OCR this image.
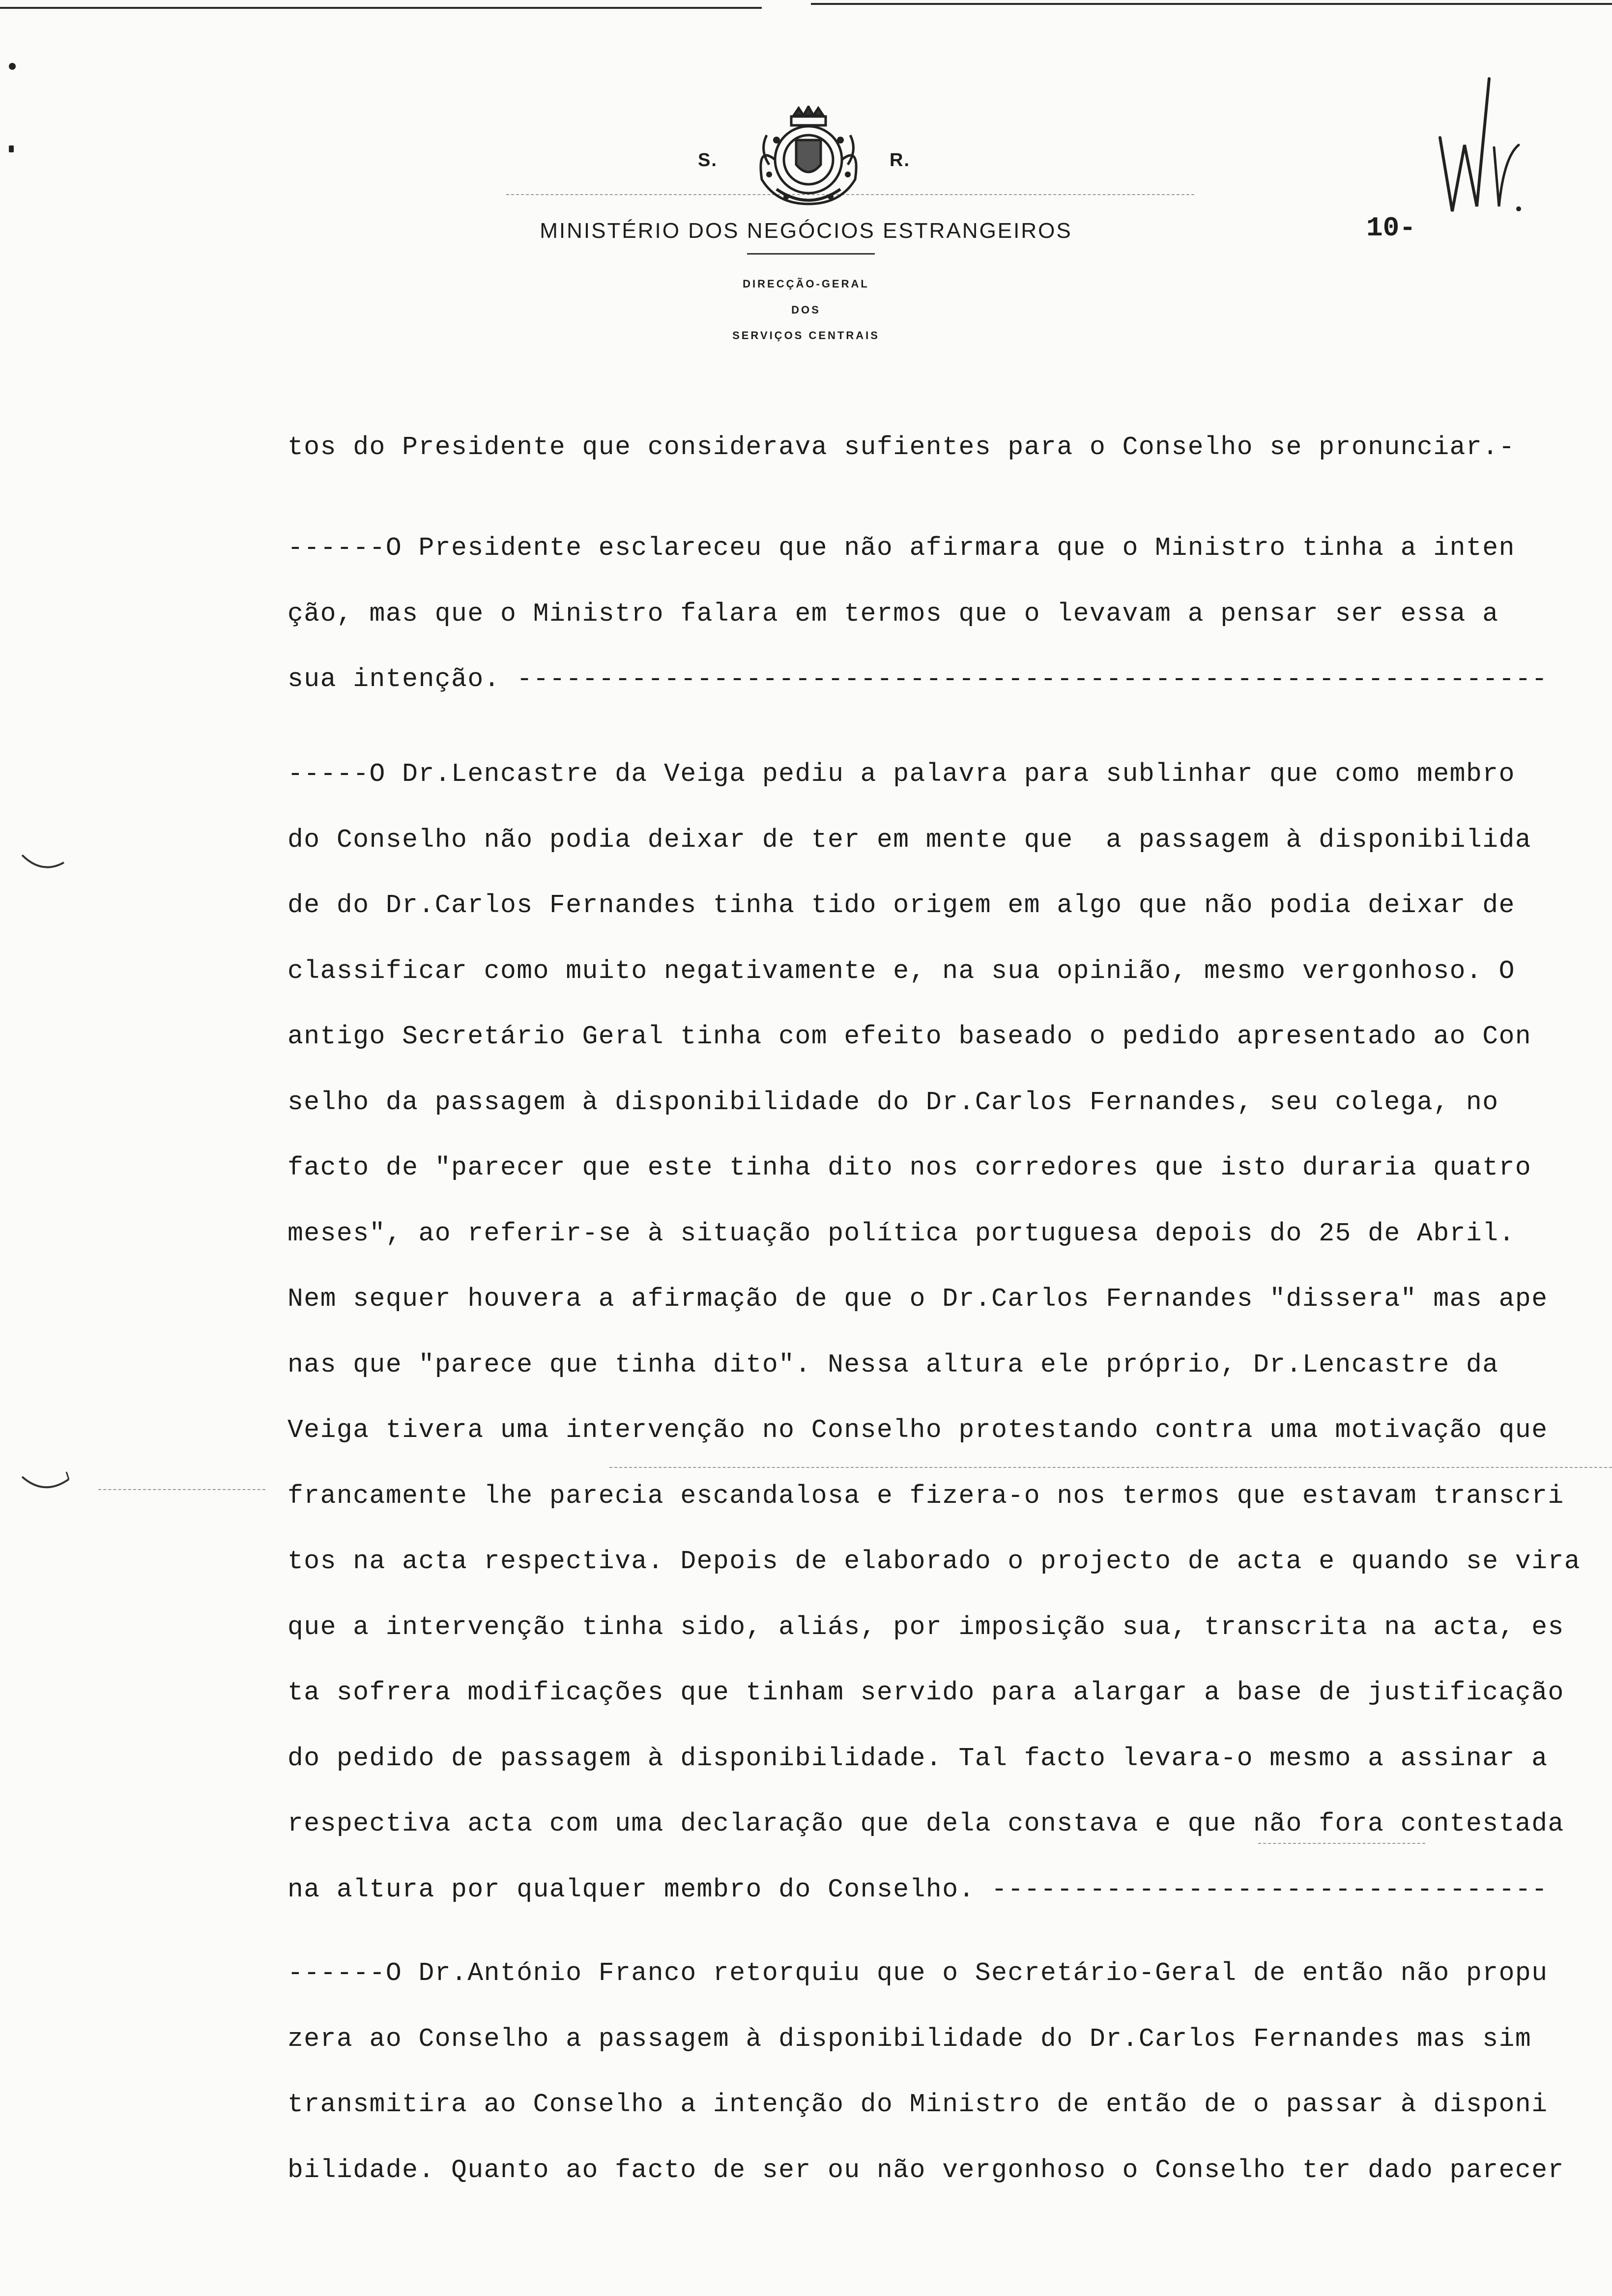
S.	R.
MINISTÉRIO DOS NEGÓCIOS ESTRANGEIROS
DIRECÇÃO-GERAL
DOS
SERVIÇOS CENTRAIS
10-
tos do Presidente que considerava sufientes para o Conselho se pronunciar.-
------O Presidente esclareceu que não afirmara que o Ministro tinha a inten
ção, mas que o Ministro falara em termos que o levavam a pensar ser essa a
sua intenção. ---------------------------------------------------------------
-----O Dr.Lencastre da Veiga pediu a palavra para sublinhar que como membro
do Conselho não podia deixar de ter em mente que  a passagem à disponibilida
de do Dr.Carlos Fernandes tinha tido origem em algo que não podia deixar de
classificar como muito negativamente e, na sua opinião, mesmo vergonhoso. O
antigo Secretário Geral tinha com efeito baseado o pedido apresentado ao Con
selho da passagem à disponibilidade do Dr.Carlos Fernandes, seu colega, no
facto de "parecer que este tinha dito nos corredores que isto duraria quatro
meses", ao referir-se à situação política portuguesa depois do 25 de Abril.
Nem sequer houvera a afirmação de que o Dr.Carlos Fernandes "dissera" mas ape
nas que "parece que tinha dito". Nessa altura ele próprio, Dr.Lencastre da
Veiga tivera uma intervenção no Conselho protestando contra uma motivação que
francamente lhe parecia escandalosa e fizera-o nos termos que estavam transcri
tos na acta respectiva. Depois de elaborado o projecto de acta e quando se vira
que a intervenção tinha sido, aliás, por imposição sua, transcrita na acta, es
ta sofrera modificações que tinham servido para alargar a base de justificação
do pedido de passagem à disponibilidade. Tal facto levara-o mesmo a assinar a
respectiva acta com uma declaração que dela constava e que não fora contestada
na altura por qualquer membro do Conselho. ----------------------------------
------O Dr.António Franco retorquiu que o Secretário-Geral de então não propu
zera ao Conselho a passagem à disponibilidade do Dr.Carlos Fernandes mas sim
transmitira ao Conselho a intenção do Ministro de então de o passar à disponi
bilidade. Quanto ao facto de ser ou não vergonhoso o Conselho ter dado parecer
